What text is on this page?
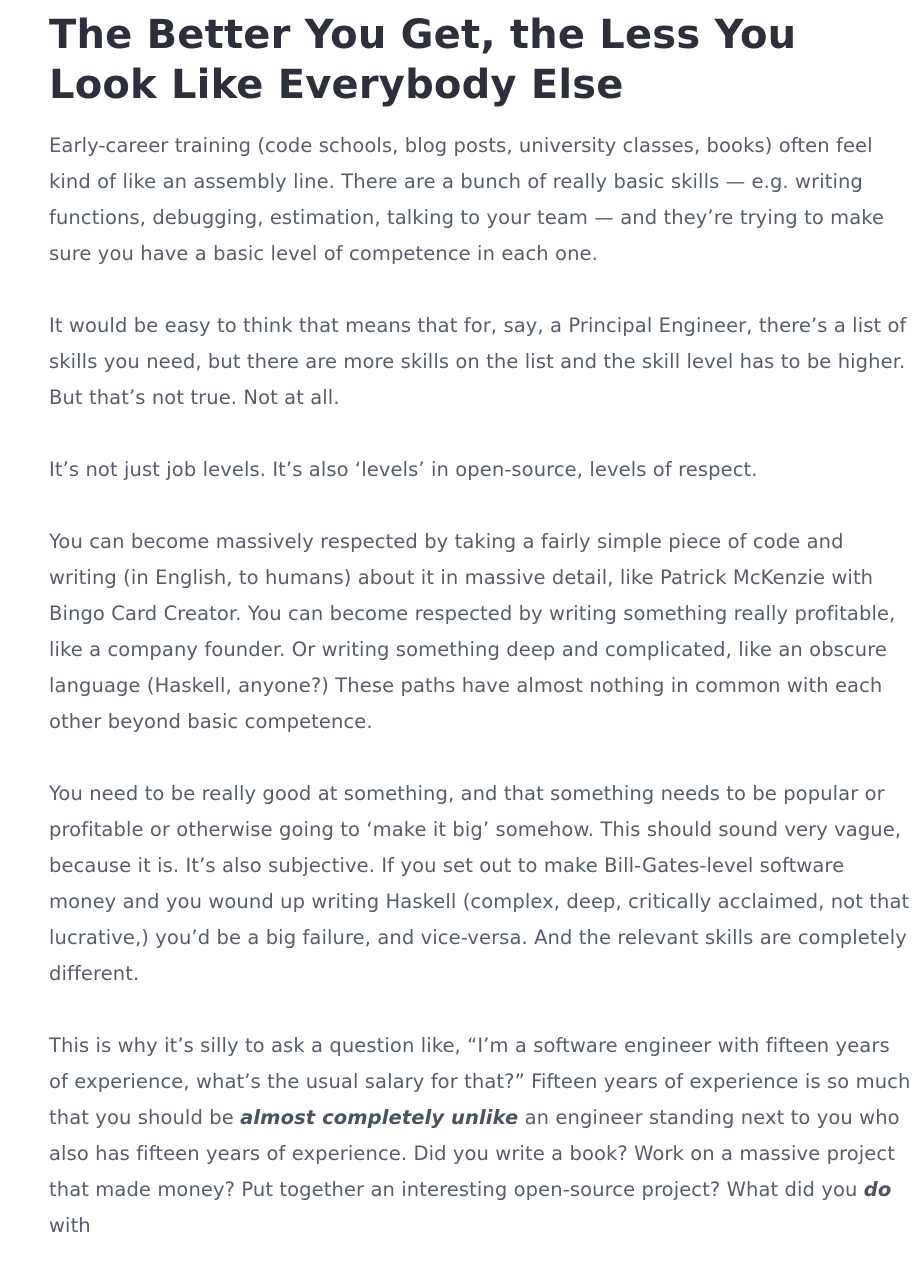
The Better You Get, the Less You Look Like Everybody Else

Early-career training (code schools, blog posts, university classes, books) often feel kind of like an assembly line. There are a bunch of really basic skills — e.g. writing functions, debugging, estimation, talking to your team — and they’re trying to make sure you have a basic level of competence in each one.

It would be easy to think that means that for, say, a Principal Engineer, there’s a list of skills you need, but there are more skills on the list and the skill level has to be higher. But that’s not true. Not at all.

It’s not just job levels. It’s also ‘levels’ in open-source, levels of respect.

You can become massively respected by taking a fairly simple piece of code and writing (in English, to humans) about it in massive detail, like Patrick McKenzie with Bingo Card Creator. You can become respected by writing something really profitable, like a company founder. Or writing something deep and complicated, like an obscure language (Haskell, anyone?) These paths have almost nothing in common with each other beyond basic competence.

You need to be really good at something, and that something needs to be popular or profitable or otherwise going to ‘make it big’ somehow. This should sound very vague, because it is. It’s also subjective. If you set out to make Bill-Gates-level software money and you wound up writing Haskell (complex, deep, critically acclaimed, not that lucrative,) you’d be a big failure, and vice-versa. And the relevant skills are completely different.

This is why it’s silly to ask a question like, “I’m a software engineer with fifteen years of experience, what’s the usual salary for that?” Fifteen years of experience is so much that you should be almost completely unlike an engineer standing next to you who also has fifteen years of experience. Did you write a book? Work on a massive project that made money? Put together an interesting open-source project? What did you do with
